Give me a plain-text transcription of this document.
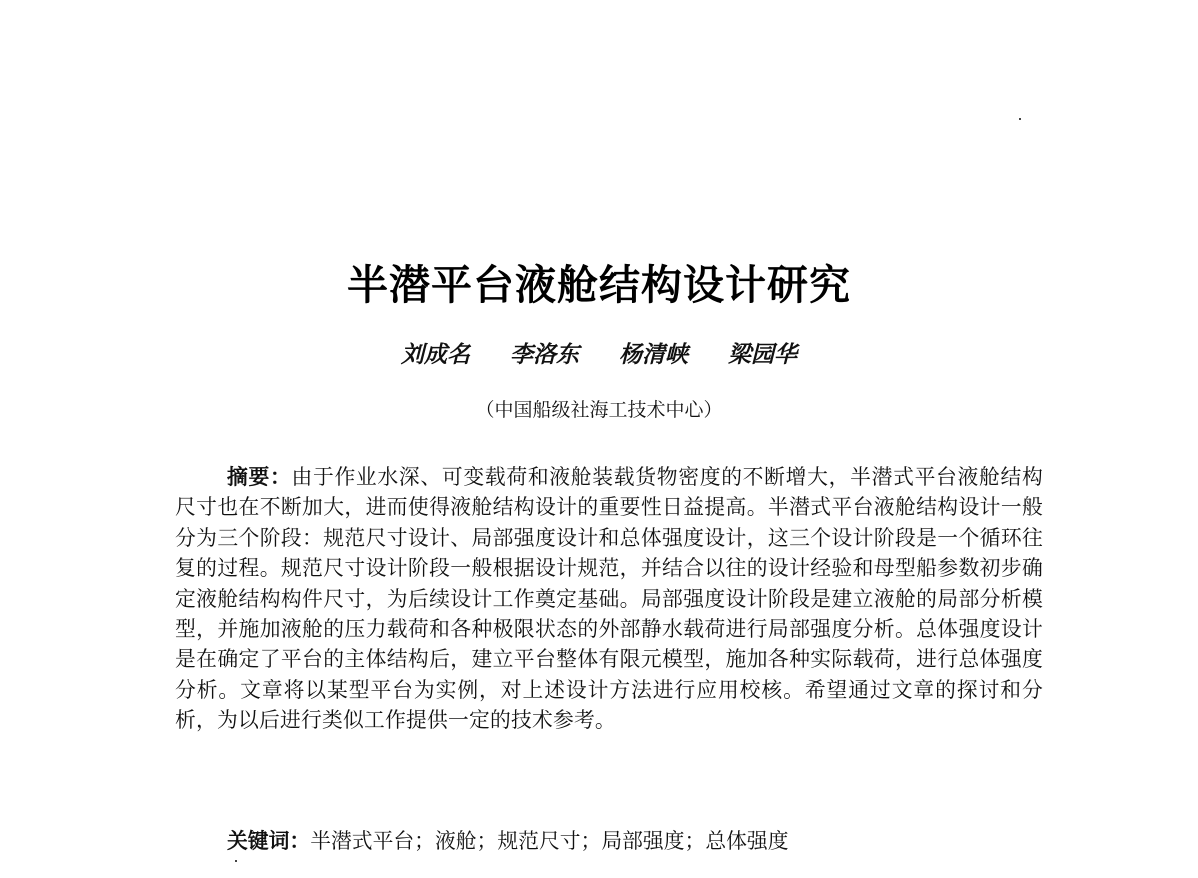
半潜平台液舱结构设计研究
刘成名 李洛东 杨清峡 梁园华
（中国船级社海工技术中心）
摘要：由于作业水深、可变载荷和液舱装载货物密度的不断增大，半潜式平台液舱结构尺寸也在不断加大，进而使得液舱结构设计的重要性日益提高。半潜式平台液舱结构设计一般分为三个阶段：规范尺寸设计、局部强度设计和总体强度设计，这三个设计阶段是一个循环往复的过程。规范尺寸设计阶段一般根据设计规范，并结合以往的设计经验和母型船参数初步确定液舱结构构件尺寸，为后续设计工作奠定基础。局部强度设计阶段是建立液舱的局部分析模型，并施加液舱的压力载荷和各种极限状态的外部静水载荷进行局部强度分析。总体强度设计是在确定了平台的主体结构后，建立平台整体有限元模型，施加各种实际载荷，进行总体强度分析。文章将以某型平台为实例，对上述设计方法进行应用校核。希望通过文章的探讨和分析，为以后进行类似工作提供一定的技术参考。
关键词：半潜式平台；液舱；规范尺寸；局部强度；总体强度
